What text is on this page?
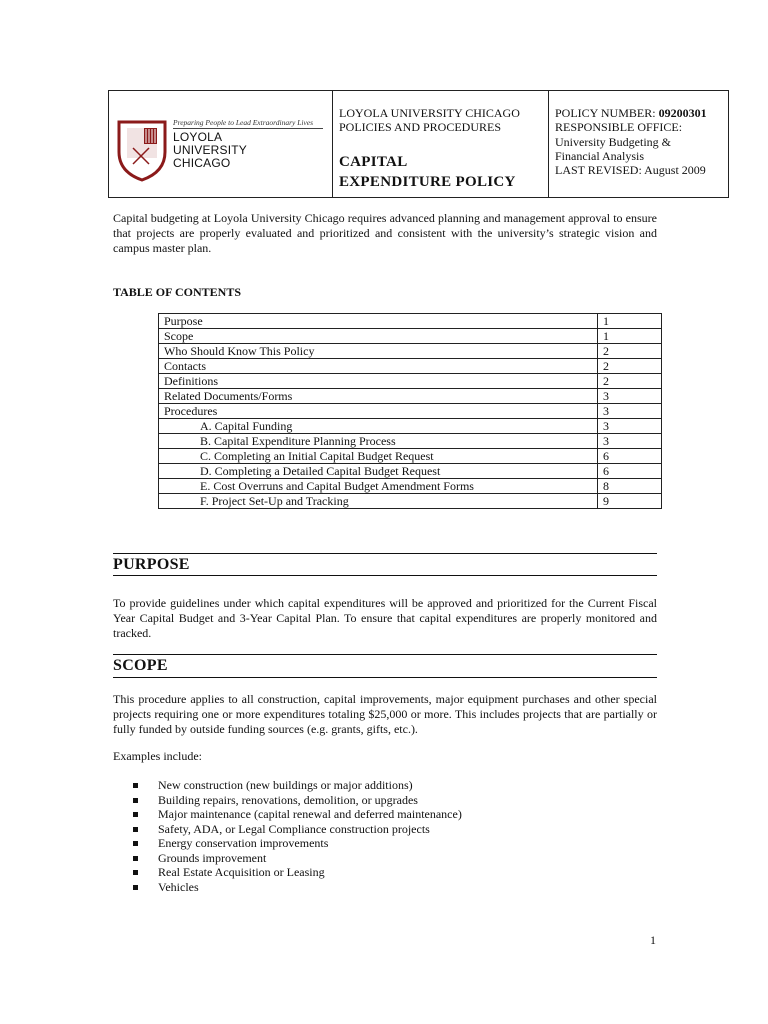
Preparing People to Lead Extraordinary Lives
LOYOLA
UNIVERSITY
CHICAGO
LOYOLA UNIVERSITY CHICAGO
POLICIES AND PROCEDURES
CAPITAL
EXPENDITURE POLICY
POLICY NUMBER: 09200301
RESPONSIBLE OFFICE:
University Budgeting &
Financial Analysis
LAST REVISED: August 2009
Capital budgeting at Loyola University Chicago requires advanced planning and management approval to ensure that projects are properly evaluated and prioritized and consistent with the university’s strategic vision and campus master plan.
TABLE OF CONTENTS
Purpose	1
Scope	1
Who Should Know This Policy	2
Contacts	2
Definitions	2
Related Documents/Forms	3
Procedures	3
A. Capital Funding	3
B. Capital Expenditure Planning Process	3
C. Completing an Initial Capital Budget Request	6
D. Completing a Detailed Capital Budget Request	6
E. Cost Overruns and Capital Budget Amendment Forms	8
F. Project Set-Up and Tracking	9
PURPOSE
To provide guidelines under which capital expenditures will be approved and prioritized for the Current Fiscal Year Capital Budget and 3-Year Capital Plan. To ensure that capital expenditures are properly monitored and tracked.
SCOPE
This procedure applies to all construction, capital improvements, major equipment purchases and other special projects requiring one or more expenditures totaling $25,000 or more. This includes projects that are partially or fully funded by outside funding sources (e.g. grants, gifts, etc.).
Examples include:
New construction (new buildings or major additions)
Building repairs, renovations, demolition, or upgrades
Major maintenance (capital renewal and deferred maintenance)
Safety, ADA, or Legal Compliance construction projects
Energy conservation improvements
Grounds improvement
Real Estate Acquisition or Leasing
Vehicles
1
